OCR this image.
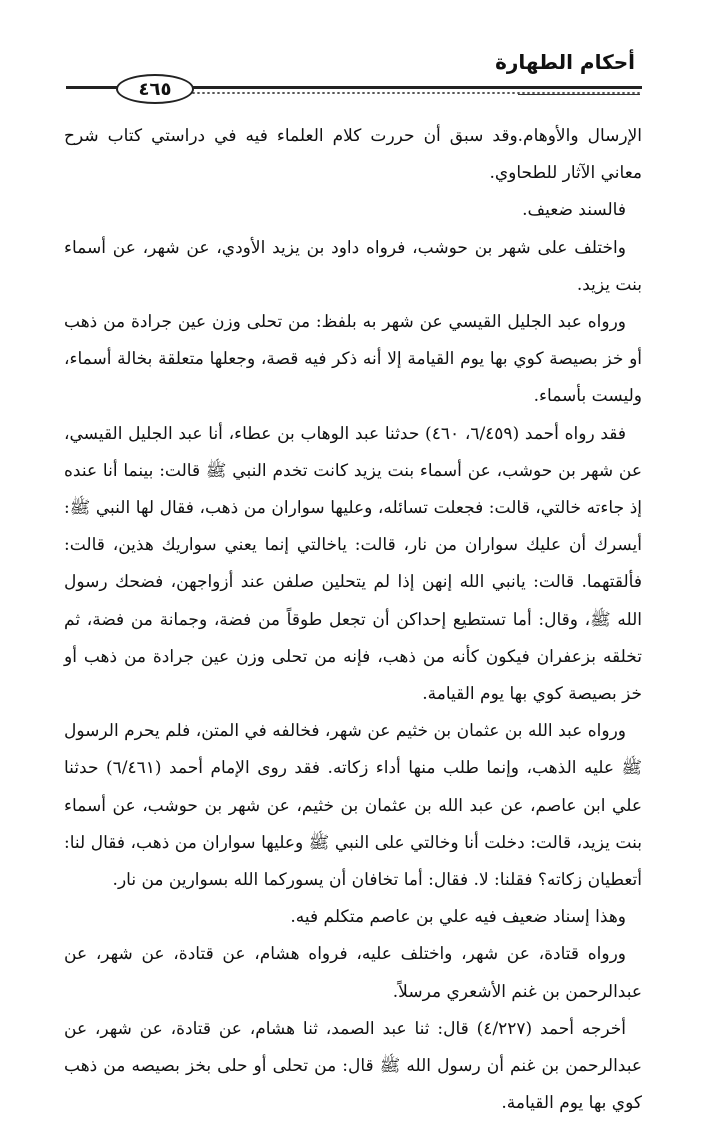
أحكام الطهارة
٤٦٥

الإرسال والأوهام.وقد سبق أن حررت كلام العلماء فيه في دراستي كتاب شرح معاني الآثار للطحاوي.

فالسند ضعيف.

واختلف على شهر بن حوشب، فرواه داود بن يزيد الأودي، عن شهر، عن أسماء بنت يزيد.

ورواه عبد الجليل القيسي عن شهر به بلفظ: من تحلى وزن عين جرادة من ذهب أو خز بصيصة كوي بها يوم القيامة إلا أنه ذكر فيه قصة، وجعلها متعلقة بخالة أسماء، وليست بأسماء.

فقد رواه أحمد (٦/٤٥٩، ٤٦٠) حدثنا عبد الوهاب بن عطاء، أنا عبد الجليل القيسي، عن شهر بن حوشب، عن أسماء بنت يزيد كانت تخدم النبي ﷺ قالت: بينما أنا عنده إذ جاءته خالتي، قالت: فجعلت تسائله، وعليها سواران من ذهب، فقال لها النبي ﷺ: أيسرك أن عليك سواران من نار، قالت: ياخالتي إنما يعني سواريك هذين، قالت: فألقتهما. قالت: يانبي الله إنهن إذا لم يتحلين صلفن عند أزواجهن، فضحك رسول الله ﷺ، وقال: أما تستطيع إحداكن أن تجعل طوقاً من فضة، وجمانة من فضة، ثم تخلقه بزعفران فيكون كأنه من ذهب، فإنه من تحلى وزن عين جرادة من ذهب أو خز بصيصة كوي بها يوم القيامة.

ورواه عبد الله بن عثمان بن خثيم عن شهر، فخالفه في المتن، فلم يحرم الرسول ﷺ عليه الذهب، وإنما طلب منها أداء زكاته. فقد روى الإمام أحمد (٦/٤٦١) حدثنا علي ابن عاصم، عن عبد الله بن عثمان بن خثيم، عن شهر بن حوشب، عن أسماء بنت يزيد، قالت: دخلت أنا وخالتي على النبي ﷺ وعليها سواران من ذهب، فقال لنا: أتعطيان زكاته؟ فقلنا: لا. فقال: أما تخافان أن يسوركما الله بسوارين من نار.

وهذا إسناد ضعيف فيه علي بن عاصم متكلم فيه.

ورواه قتادة، عن شهر، واختلف عليه، فرواه هشام، عن قتادة، عن شهر، عن عبدالرحمن بن غنم الأشعري مرسلاً.

أخرجه أحمد (٤/٢٢٧) قال: ثنا عبد الصمد، ثنا هشام، عن قتادة، عن شهر، عن عبدالرحمن بن غنم أن رسول الله ﷺ قال: من تحلى أو حلى بخز بصيصه من ذهب كوي بها يوم القيامة.
